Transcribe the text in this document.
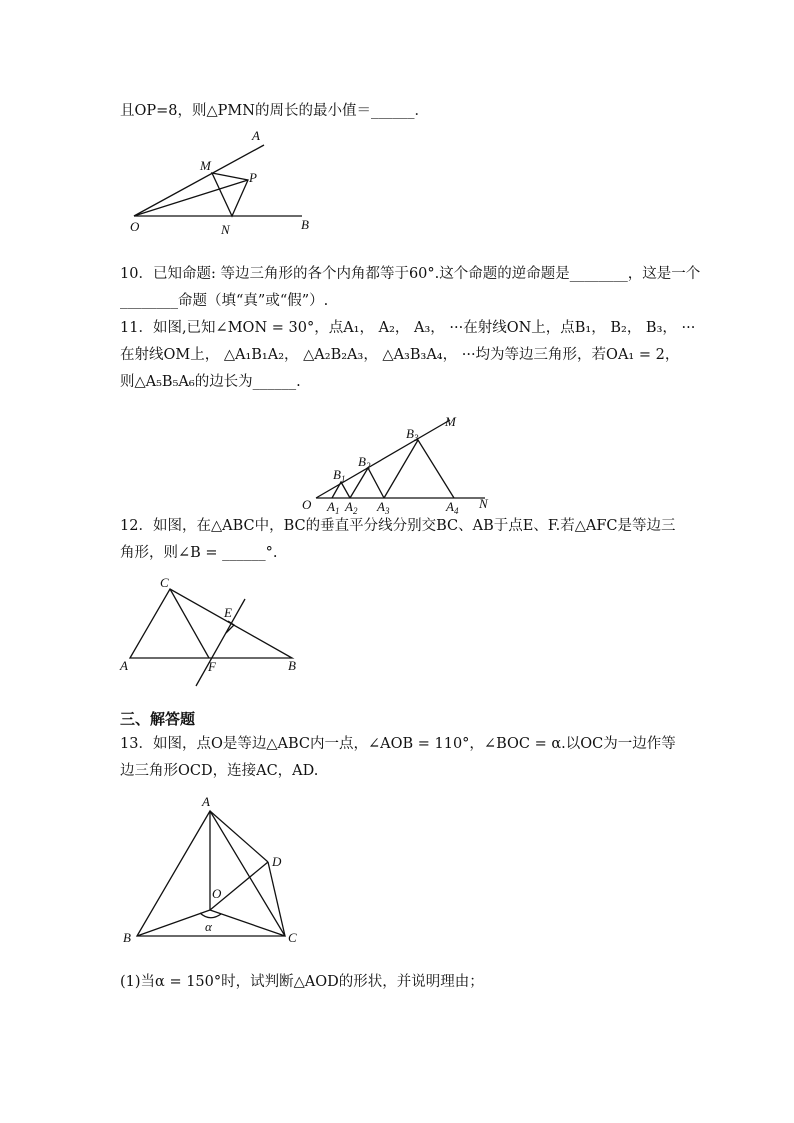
且OP=8，则△PMN的周长的最小值＝______．
A
M
P
O	N	B
10．已知命题: 等边三角形的各个内角都等于60°.这个命题的逆命题是________，这是一个
________命题（填“真”或“假”）.
11．如图,已知∠MON = 30°，点A₁， A₂， A₃， ···在射线ON上，点B₁， B₂， B₃， ···
在射线OM上， △A₁B₁A₂， △A₂B₂A₃， △A₃B₃A₄， ···均为等边三角形，若OA₁ = 2，
则△A₅B₅A₆的边长为______.
O	N
M
$B_1$
$B_2$
$B_3$
$A_1$ $A_2$ $A_3$	$A_4$
12．如图，在△ABC中，BC的垂直平分线分别交BC、AB于点E、F.若△AFC是等边三
角形，则∠B = ______°.
C
E
A	F	B
三、解答题
13．如图，点O是等边△ABC内一点，∠AOB = 110°，∠BOC = α.以OC为一边作等
边三角形OCD，连接AC，AD.
A
D
O
α
B	C
(1)当α = 150°时，试判断△AOD的形状，并说明理由；
